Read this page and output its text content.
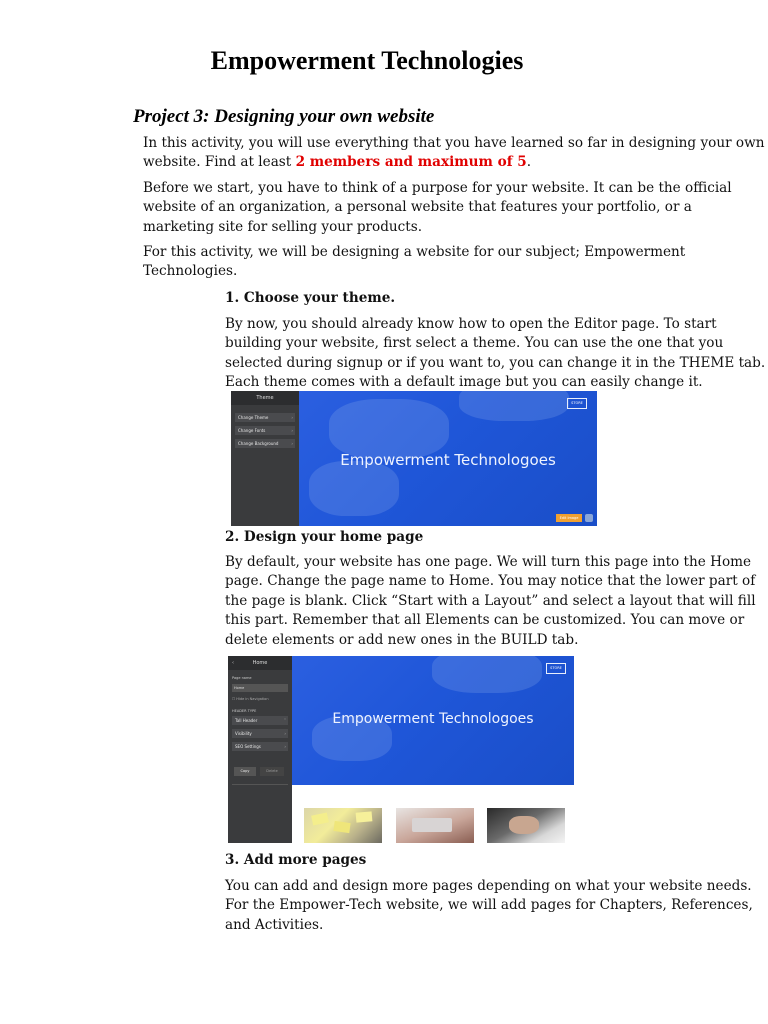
Empowerment Technologies
Project 3: Designing your own website
In this activity, you will use everything that you have learned so far in designing your own
website. Find at least 2 members and maximum of 5.
Before we start, you have to think of a purpose for your website. It can be the official
website of an organization, a personal website that features your portfolio, or a
marketing site for selling your products.
For this activity, we will be designing a website for our subject; Empowerment
Technologies.
1. Choose your theme.
By now, you should already know how to open the Editor page. To start
building your website, first select a theme. You can use the one that you
selected during signup or if you want to, you can change it in the THEME tab.
Each theme comes with a default image but you can easily change it.
Theme
Change Theme	›
Change Fonts	›
Change Background	›
Empowerment Technologoes
STORE
Edit Image
2. Design your home page
By default, your website has one page. We will turn this page into the Home
page. Change the page name to Home. You may notice that the lower part of
the page is blank. Click “Start with a Layout” and select a layout that will fill
this part. Remember that all Elements can be customized. You can move or
delete elements or add new ones in the BUILD tab.
‹	Home
Page name
Home
☐ Hide in Navigation
HEADER TYPE
Tall Header	˅
Visibility	›
SEO Settings	›
Copy	Delete
Empowerment Technologoes
STORE
3. Add more pages
You can add and design more pages depending on what your website needs.
For the Empower-Tech website, we will add pages for Chapters, References,
and Activities.
